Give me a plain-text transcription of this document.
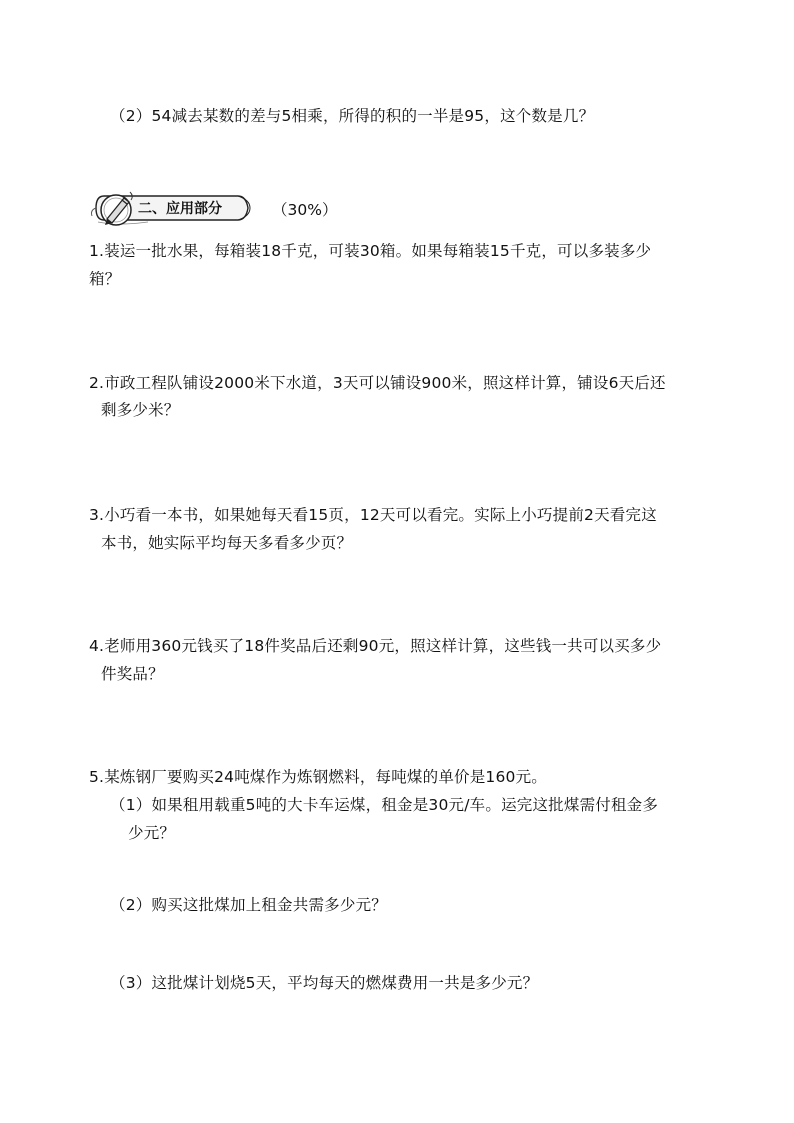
（2）54减去某数的差与5相乘，所得的积的一半是95，这个数是几？
二、应用部分	（30%）
1.装运一批水果，每箱装18千克，可装30箱。如果每箱装15千克，可以多装多少
箱？
2.市政工程队铺设2000米下水道，3天可以铺设900米，照这样计算，铺设6天后还
剩多少米？
3.小巧看一本书，如果她每天看15页，12天可以看完。实际上小巧提前2天看完这
本书，她实际平均每天多看多少页？
4.老师用360元钱买了18件奖品后还剩90元，照这样计算，这些钱一共可以买多少
件奖品？
5.某炼钢厂要购买24吨煤作为炼钢燃料，每吨煤的单价是160元。
（1）如果租用载重5吨的大卡车运煤，租金是30元/车。运完这批煤需付租金多
少元？
（2）购买这批煤加上租金共需多少元？
（3）这批煤计划烧5天，平均每天的燃煤费用一共是多少元？
